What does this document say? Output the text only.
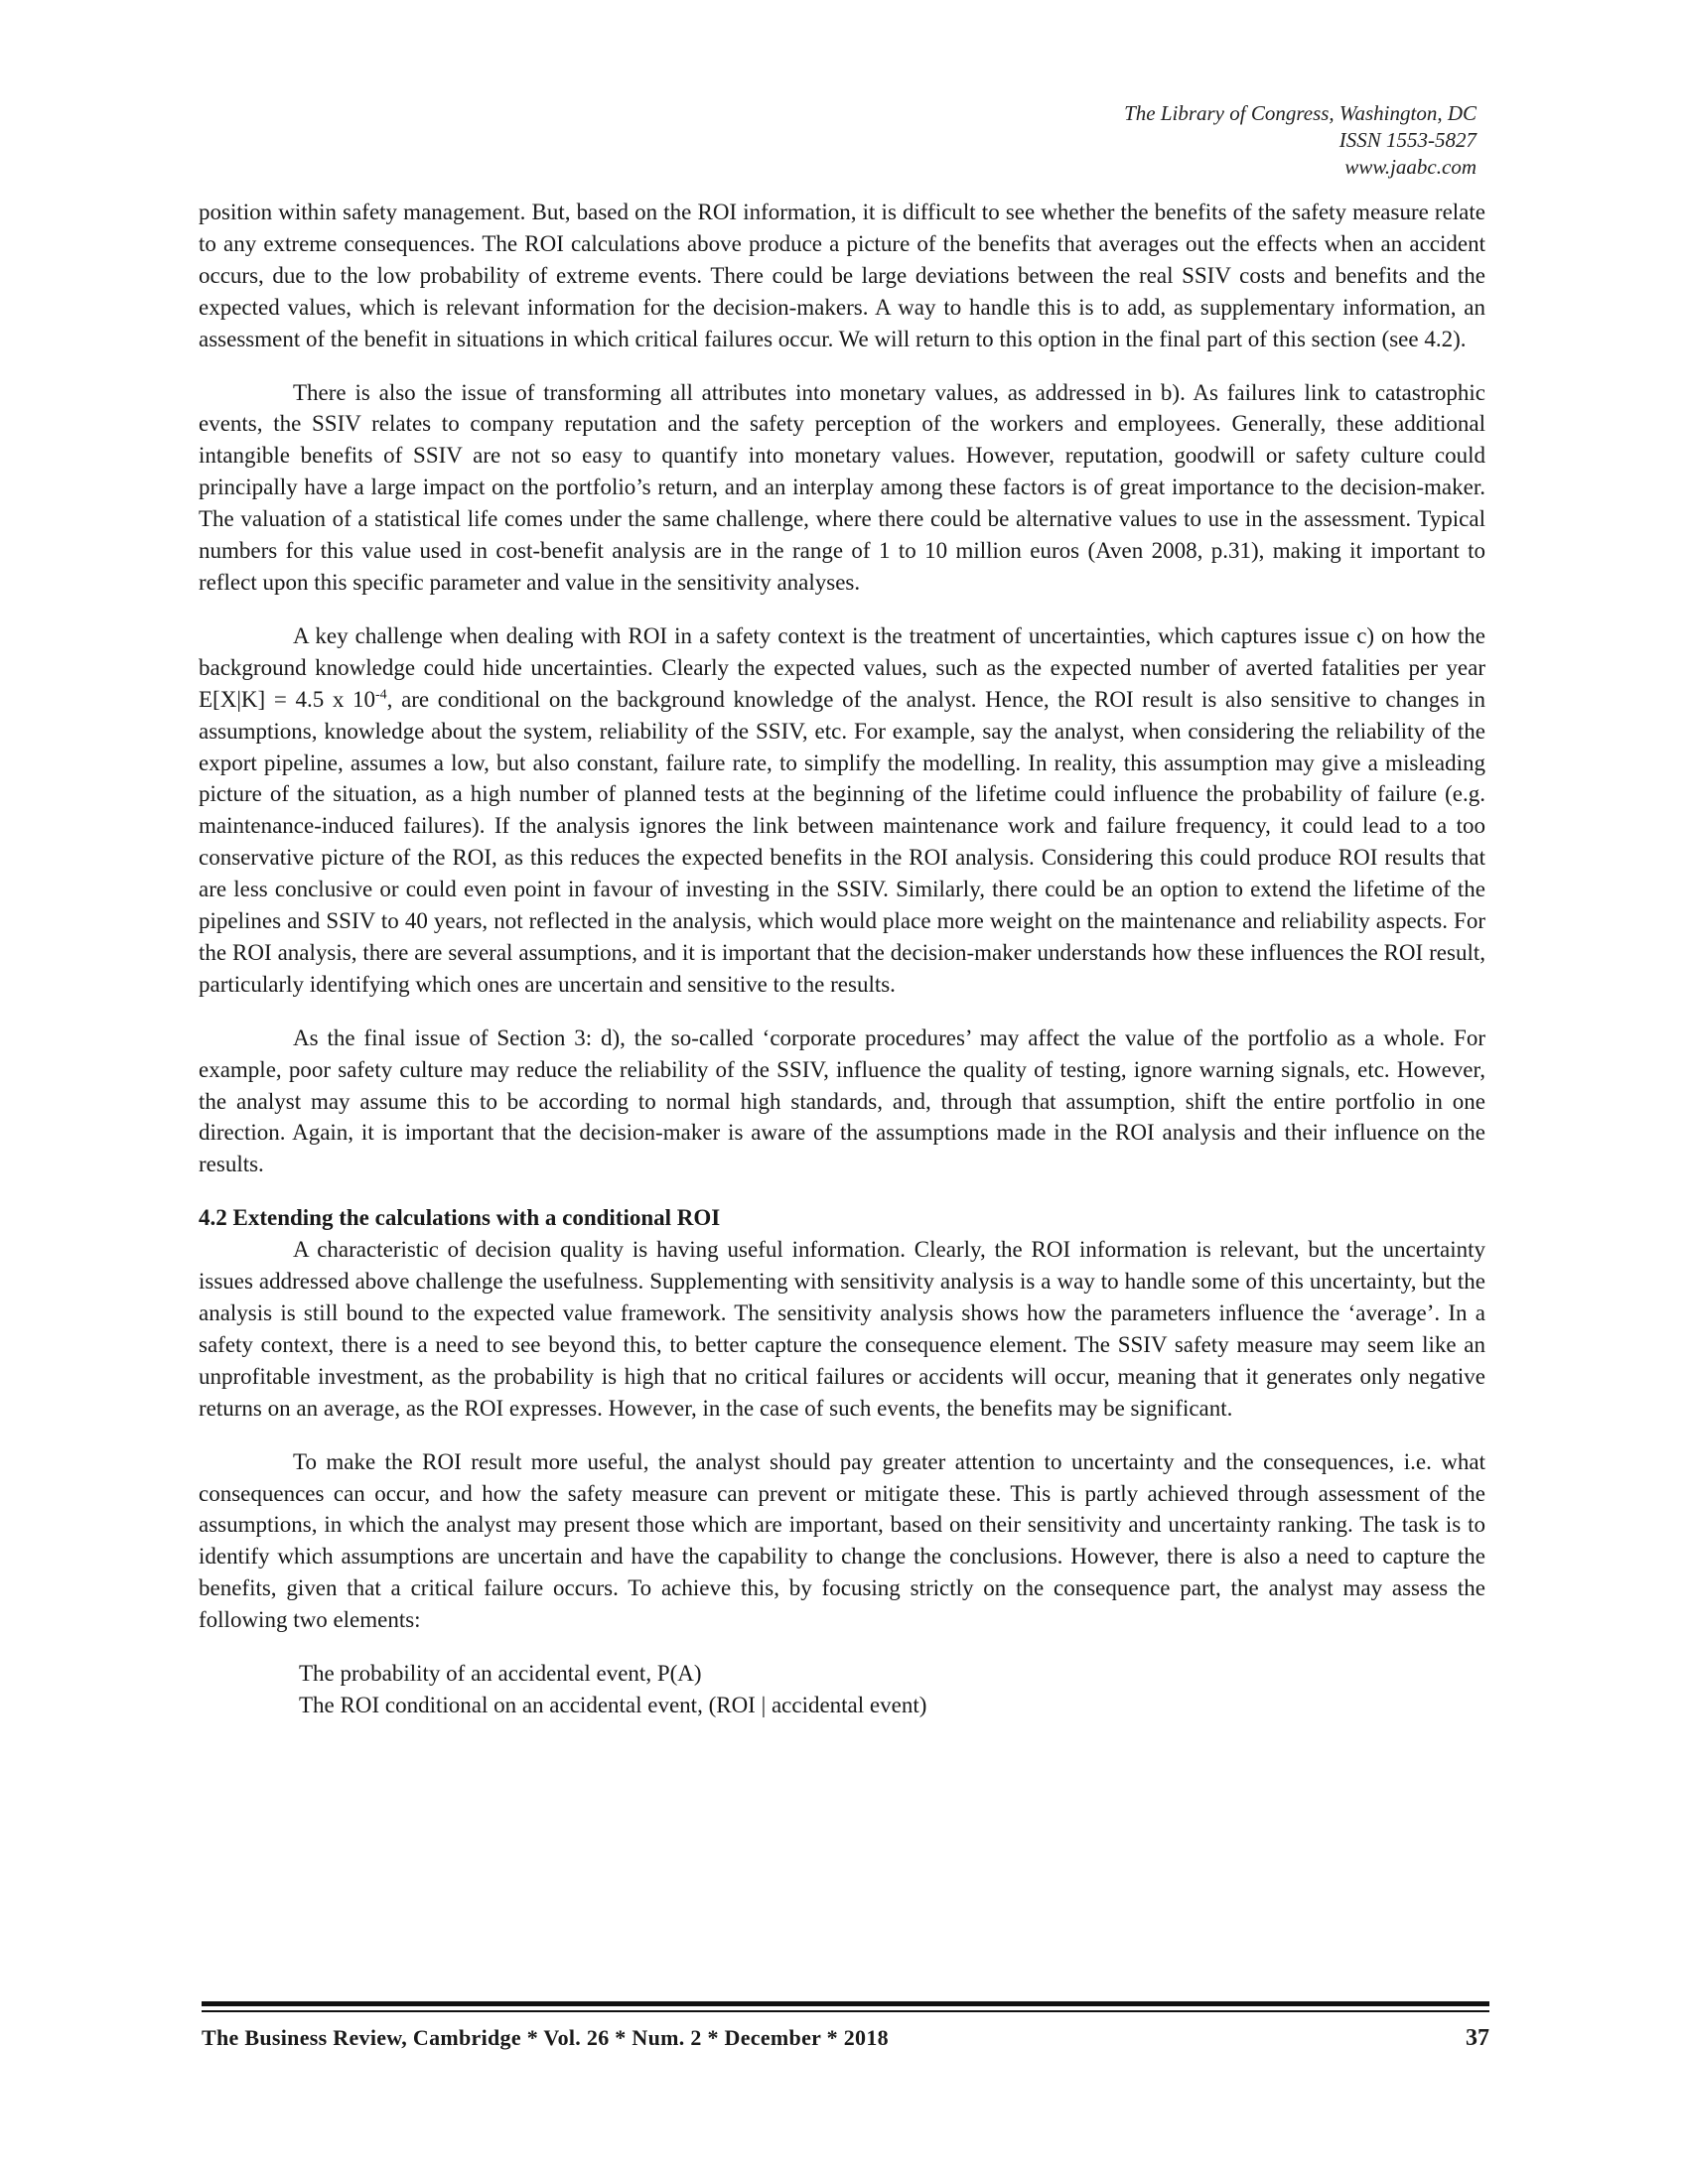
The Library of Congress, Washington, DC
ISSN 1553-5827
www.jaabc.com

position within safety management. But, based on the ROI information, it is difficult to see whether the benefits of the safety measure relate to any extreme consequences. The ROI calculations above produce a picture of the benefits that averages out the effects when an accident occurs, due to the low probability of extreme events. There could be large deviations between the real SSIV costs and benefits and the expected values, which is relevant information for the decision-makers. A way to handle this is to add, as supplementary information, an assessment of the benefit in situations in which critical failures occur. We will return to this option in the final part of this section (see 4.2).

There is also the issue of transforming all attributes into monetary values, as addressed in b). As failures link to catastrophic events, the SSIV relates to company reputation and the safety perception of the workers and employees. Generally, these additional intangible benefits of SSIV are not so easy to quantify into monetary values. However, reputation, goodwill or safety culture could principally have a large impact on the portfolio’s return, and an interplay among these factors is of great importance to the decision-maker. The valuation of a statistical life comes under the same challenge, where there could be alternative values to use in the assessment. Typical numbers for this value used in cost-benefit analysis are in the range of 1 to 10 million euros (Aven 2008, p.31), making it important to reflect upon this specific parameter and value in the sensitivity analyses.

A key challenge when dealing with ROI in a safety context is the treatment of uncertainties, which captures issue c) on how the background knowledge could hide uncertainties. Clearly the expected values, such as the expected number of averted fatalities per year E[X|K] = 4.5 x $10^{-4}$, are conditional on the background knowledge of the analyst. Hence, the ROI result is also sensitive to changes in assumptions, knowledge about the system, reliability of the SSIV, etc. For example, say the analyst, when considering the reliability of the export pipeline, assumes a low, but also constant, failure rate, to simplify the modelling. In reality, this assumption may give a misleading picture of the situation, as a high number of planned tests at the beginning of the lifetime could influence the probability of failure (e.g. maintenance-induced failures). If the analysis ignores the link between maintenance work and failure frequency, it could lead to a too conservative picture of the ROI, as this reduces the expected benefits in the ROI analysis. Considering this could produce ROI results that are less conclusive or could even point in favour of investing in the SSIV. Similarly, there could be an option to extend the lifetime of the pipelines and SSIV to 40 years, not reflected in the analysis, which would place more weight on the maintenance and reliability aspects. For the ROI analysis, there are several assumptions, and it is important that the decision-maker understands how these influences the ROI result, particularly identifying which ones are uncertain and sensitive to the results.

As the final issue of Section 3: d), the so-called ‘corporate procedures’ may affect the value of the portfolio as a whole. For example, poor safety culture may reduce the reliability of the SSIV, influence the quality of testing, ignore warning signals, etc. However, the analyst may assume this to be according to normal high standards, and, through that assumption, shift the entire portfolio in one direction. Again, it is important that the decision-maker is aware of the assumptions made in the ROI analysis and their influence on the results.

4.2 Extending the calculations with a conditional ROI

A characteristic of decision quality is having useful information. Clearly, the ROI information is relevant, but the uncertainty issues addressed above challenge the usefulness. Supplementing with sensitivity analysis is a way to handle some of this uncertainty, but the analysis is still bound to the expected value framework. The sensitivity analysis shows how the parameters influence the ‘average’. In a safety context, there is a need to see beyond this, to better capture the consequence element. The SSIV safety measure may seem like an unprofitable investment, as the probability is high that no critical failures or accidents will occur, meaning that it generates only negative returns on an average, as the ROI expresses. However, in the case of such events, the benefits may be significant.

To make the ROI result more useful, the analyst should pay greater attention to uncertainty and the consequences, i.e. what consequences can occur, and how the safety measure can prevent or mitigate these. This is partly achieved through assessment of the assumptions, in which the analyst may present those which are important, based on their sensitivity and uncertainty ranking. The task is to identify which assumptions are uncertain and have the capability to change the conclusions. However, there is also a need to capture the benefits, given that a critical failure occurs. To achieve this, by focusing strictly on the consequence part, the analyst may assess the following two elements:

The probability of an accidental event, P(A)
The ROI conditional on an accidental event, (ROI | accidental event)
The Business Review, Cambridge * Vol. 26 * Num. 2 * December * 2018	37
